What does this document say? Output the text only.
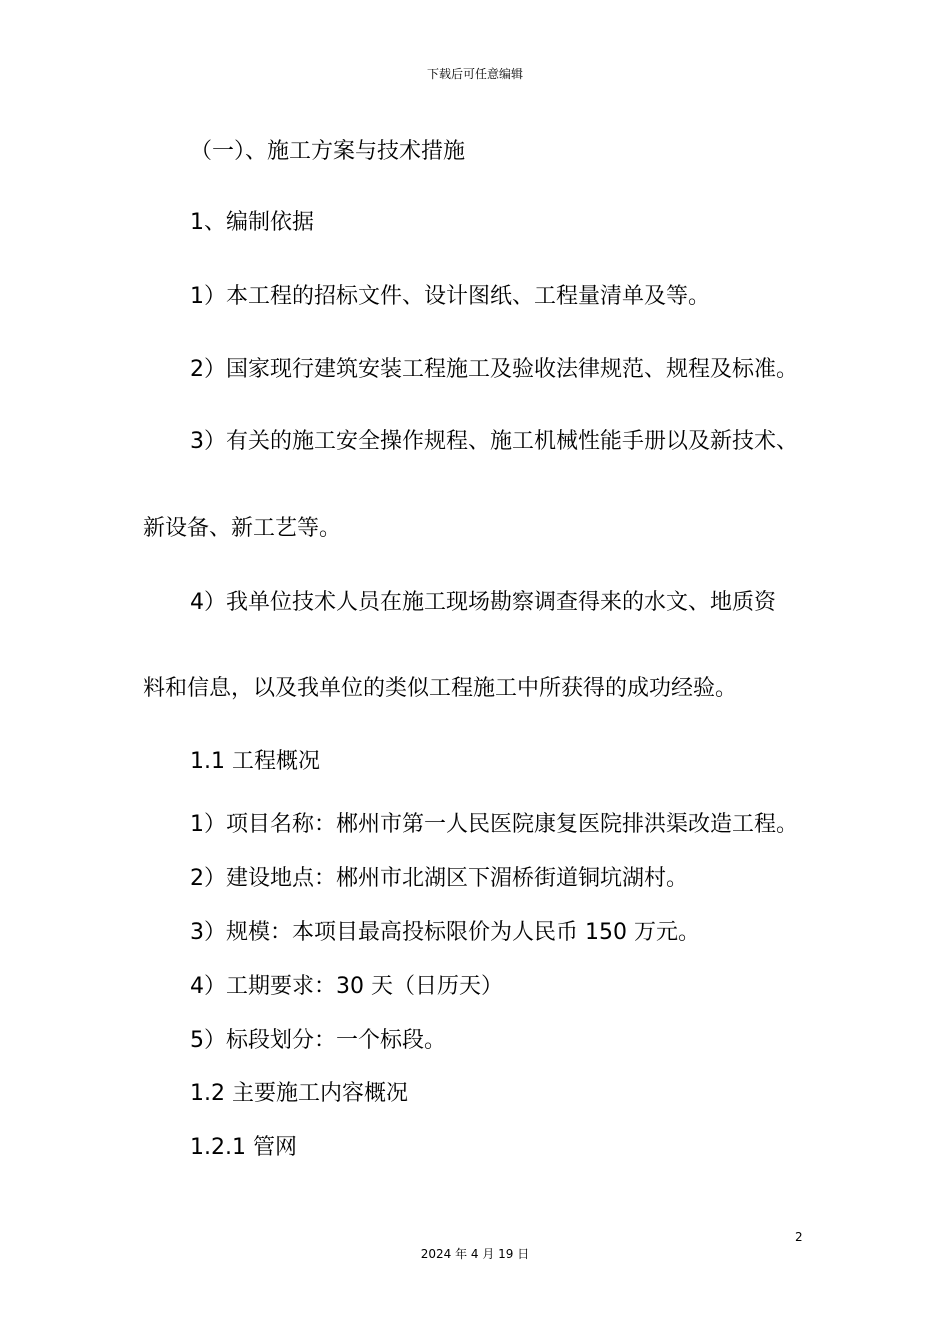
下载后可任意编辑
（一）、施工方案与技术措施
1、编制依据
1）本工程的招标文件、设计图纸、工程量清单及等。
2）国家现行建筑安装工程施工及验收法律规范、规程及标准。
3）有关的施工安全操作规程、施工机械性能手册以及新技术、
新设备、新工艺等。
4）我单位技术人员在施工现场勘察调查得来的水文、地质资
料和信息，以及我单位的类似工程施工中所获得的成功经验。
1.1 工程概况
1）项目名称：郴州市第一人民医院康复医院排洪渠改造工程。
2）建设地点：郴州市北湖区下湄桥街道铜坑湖村。
3）规模：本项目最高投标限价为人民币 150 万元。
4）工期要求：30 天（日历天）
5）标段划分：一个标段。
1.2 主要施工内容概况
1.2.1 管网
2
2024 年 4 月 19 日
